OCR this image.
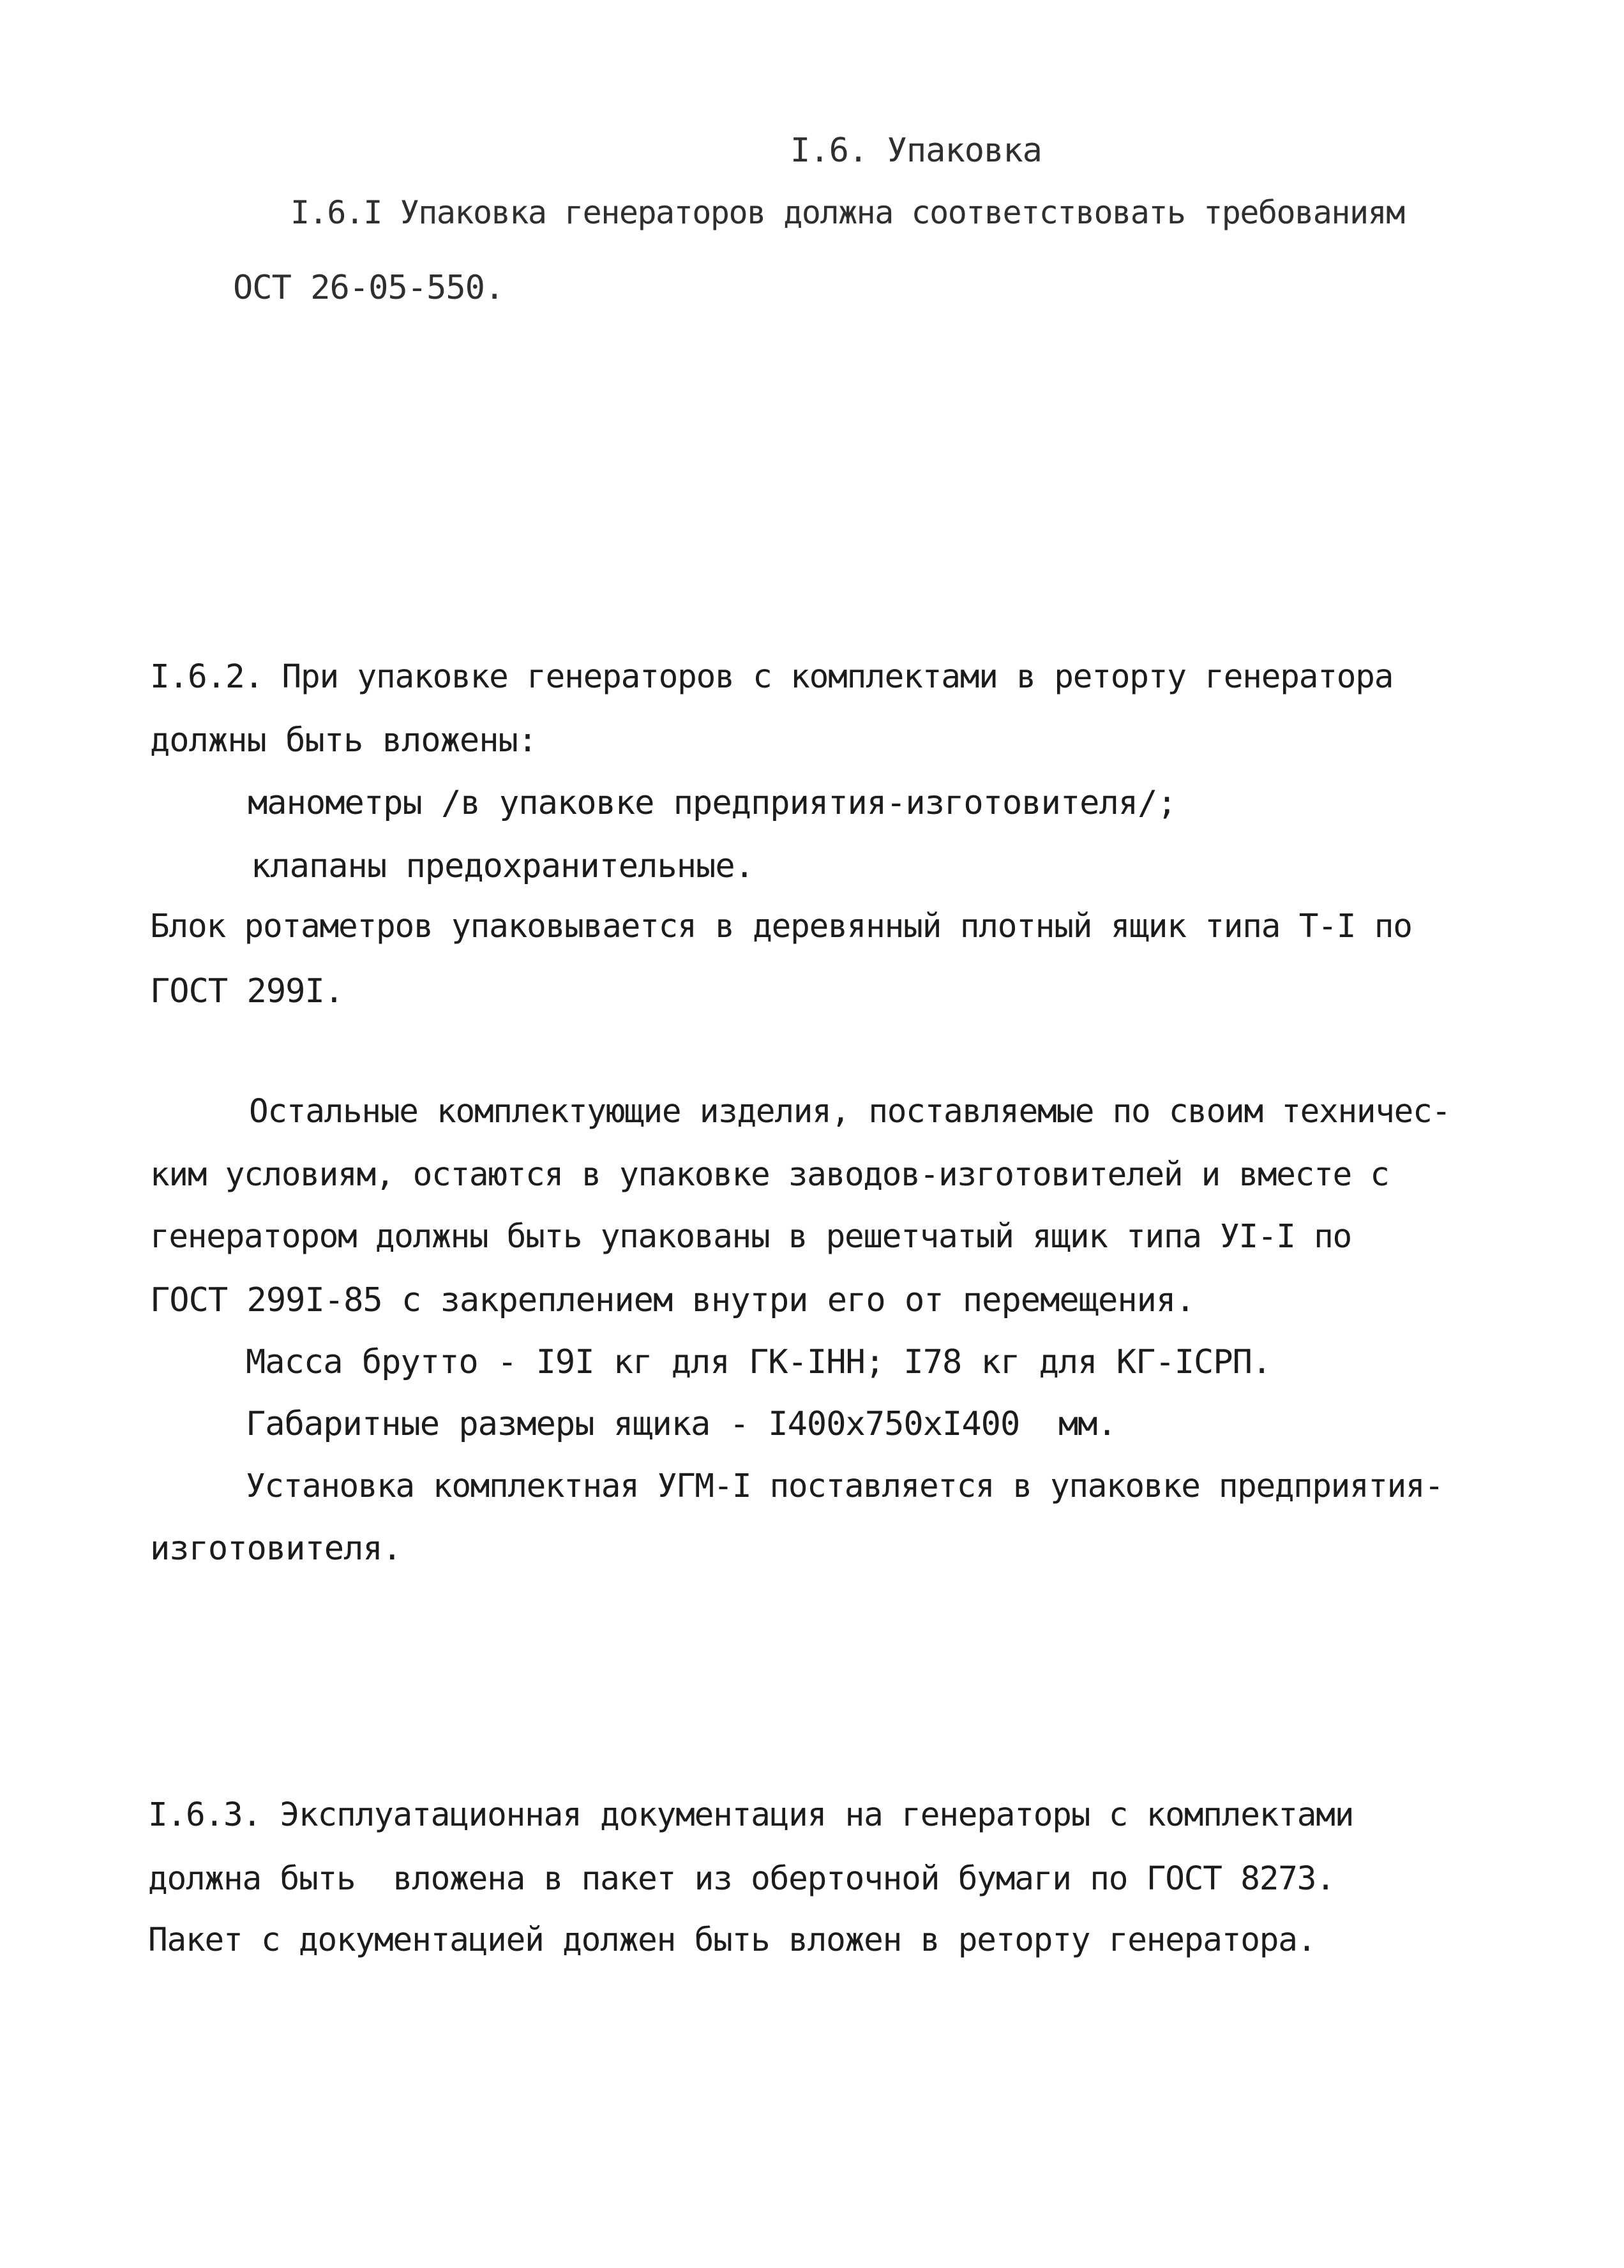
I.6. Упаковка
I.6.I Упаковка генераторов должна соответствовать требованиям
ОСТ 26-05-550.
I.6.2. При упаковке генераторов с комплектами в реторту генератора
должны быть вложены:
манометры /в упаковке предприятия-изготовителя/;
клапаны предохранительные.
Блок ротаметров упаковывается в деревянный плотный ящик типа Т-I по
ГОСТ 299I.
Остальные комплектующие изделия, поставляемые по своим техничес-
ким условиям, остаются в упаковке заводов-изготовителей и вместе с
генератором должны быть упакованы в решетчатый ящик типа УI-I по
ГОСТ 299I-85 с закреплением внутри его от перемещения.
Масса брутто - I9I кг для ГК-IНН; I78 кг для КГ-IСРП.
Габаритные размеры ящика - I400х750хI400  мм.
Установка комплектная УГМ-I поставляется в упаковке предприятия-
изготовителя.
I.6.3. Эксплуатационная документация на генераторы с комплектами
должна быть  вложена в пакет из оберточной бумаги по ГОСТ 8273.
Пакет с документацией должен быть вложен в реторту генератора.
